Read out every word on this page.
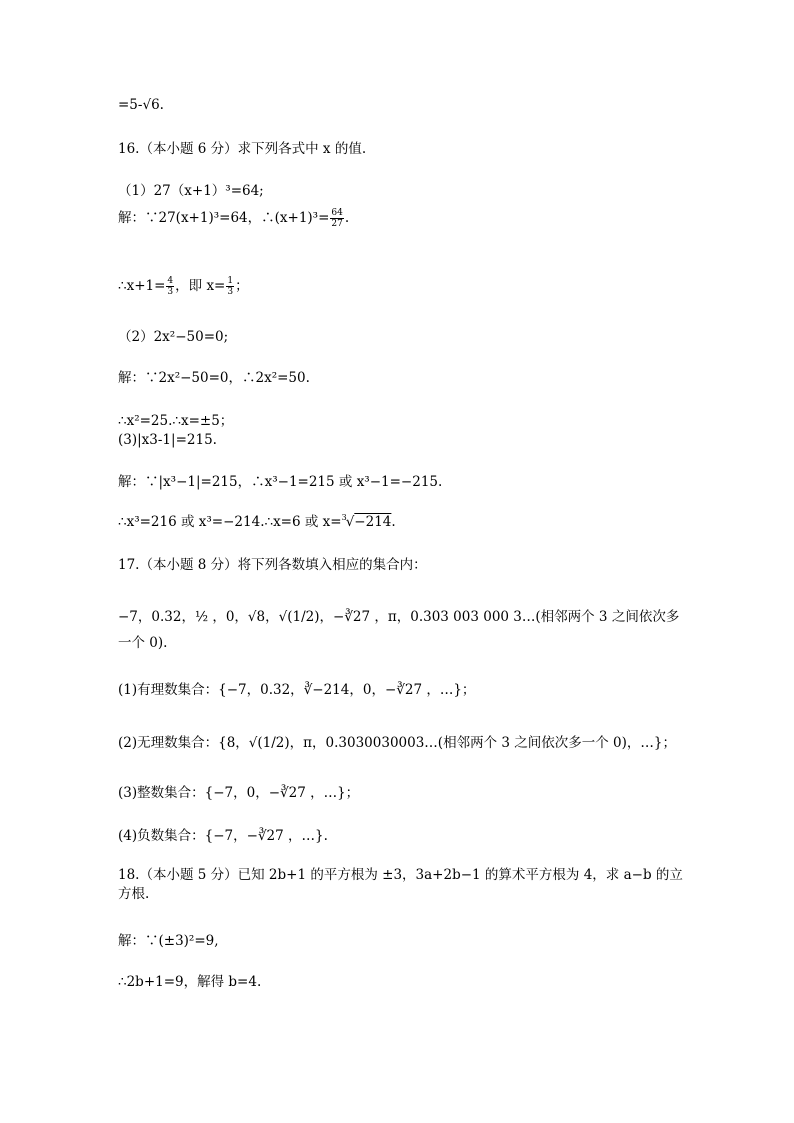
=5-√6.
16.（本小题 6 分）求下列各式中 x 的值.
（1）27（x+1）³=64;
解：∵27(x+1)³=64，∴(x+1)³= $\frac{64}{27}$ .
∴x+1= $\frac{4}{3}$ ，即 $x= \frac{1}{3}$ ；
（2）2x²−50=0;
解：∵2x²−50=0，∴2x²=50.
∴x²=25.∴x=±5；
(3)|x3-1|=215.
解：∵|x³−1|=215，∴x³−1=215 或 x³−1=−215.
∴x³=216 或 x³=−214.∴x=6 或 x=$^3$√−214.
17.（本小题 8 分）将下列各数填入相应的集合内：
−7，0.32，½ ，0，√8，√(1/2)，−∛27 ，π，0.303 003 000 3…(相邻两个 3 之间依次多一个 0).
(1)有理数集合：{−7，0.32，∛−214，0，−∛27 ，…}；
(2)无理数集合：{8，√(1/2)，π，0.3030030003…(相邻两个 3 之间依次多一个 0)，…}；
(3)整数集合：{−7，0，−∛27 ，…}；
(4)负数集合：{−7，−∛27 ，…}.
18.（本小题 5 分）已知 2b+1 的平方根为 ±3，3a+2b−1 的算术平方根为 4，求 a−b 的立方根.
解：∵(±3)²=9,
∴2b+1=9，解得 b=4.
